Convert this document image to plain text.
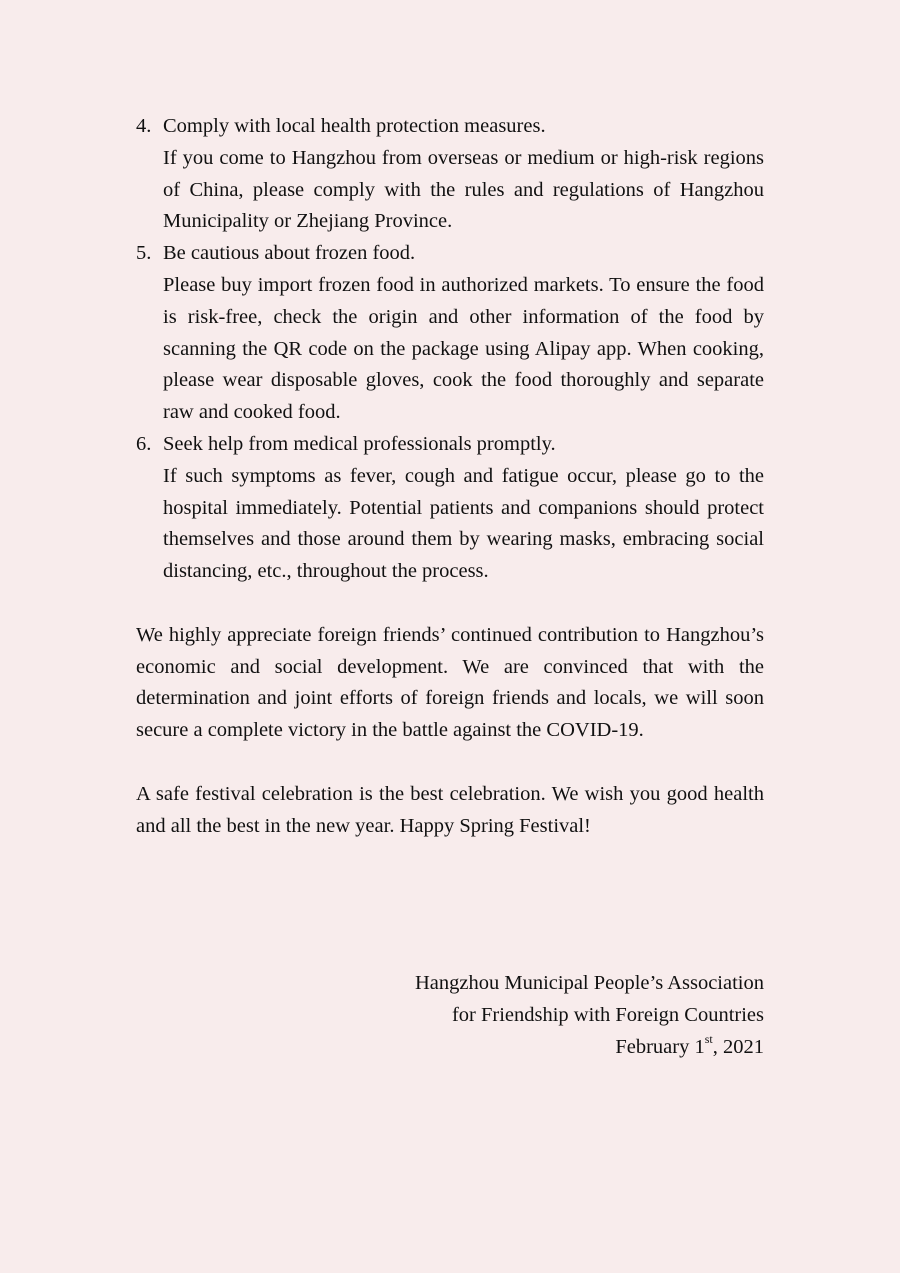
4. Comply with local health protection measures.
If you come to Hangzhou from overseas or medium or high-risk regions of China, please comply with the rules and regulations of Hangzhou Municipality or Zhejiang Province.
5. Be cautious about frozen food.
Please buy import frozen food in authorized markets. To ensure the food is risk-free, check the origin and other information of the food by scanning the QR code on the package using Alipay app. When cooking, please wear disposable gloves, cook the food thoroughly and separate raw and cooked food.
6. Seek help from medical professionals promptly.
If such symptoms as fever, cough and fatigue occur, please go to the hospital immediately. Potential patients and companions should protect themselves and those around them by wearing masks, embracing social distancing, etc., throughout the process.

We highly appreciate foreign friends’ continued contribution to Hangzhou’s economic and social development. We are convinced that with the determination and joint efforts of foreign friends and locals, we will soon secure a complete victory in the battle against the COVID-19.

A safe festival celebration is the best celebration. We wish you good health and all the best in the new year. Happy Spring Festival!

Hangzhou Municipal People’s Association
for Friendship with Foreign Countries
February 1st, 2021
